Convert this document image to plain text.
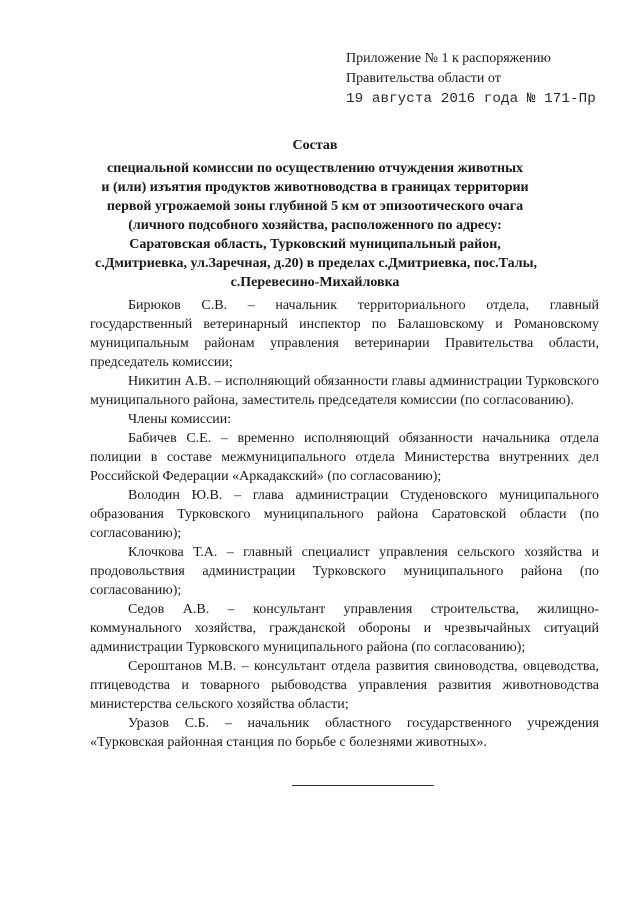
Приложение № 1 к распоряжению
Правительства области от
19 августа 2016 года № 171-Пр
Состав
специальной комиссии по осуществлению отчуждения животных
и (или) изъятия продуктов животноводства в границах территории
первой угрожаемой зоны глубиной 5 км от эпизоотического очага
(личного подсобного хозяйства, расположенного по адресу:
Саратовская область, Турковский муниципальный район,
с.Дмитриевка, ул.Заречная, д.20) в пределах с.Дмитриевка, пос.Талы,
с.Перевесино-Михайловка

Бирюков С.В. – начальник территориального отдела, главный государственный ветеринарный инспектор по Балашовскому и Романовскому муниципальным районам управления ветеринарии Правительства области, председатель комиссии;

Никитин А.В. – исполняющий обязанности главы администрации Турковского муниципального района, заместитель председателя комиссии (по согласованию).

Члены комиссии:

Бабичев С.Е. – временно исполняющий обязанности начальника отдела полиции в составе межмуниципального отдела Министерства внутренних дел Российской Федерации «Аркадакский» (по согласованию);

Володин Ю.В. – глава администрации Студеновского муниципального образования Турковского муниципального района Саратовской области (по согласованию);

Клочкова Т.А. – главный специалист управления сельского хозяйства и продовольствия администрации Турковского муниципального района (по согласованию);

Седов А.В. – консультант управления строительства, жилищно-коммунального хозяйства, гражданской обороны и чрезвычайных ситуаций администрации Турковского муниципального района (по согласованию);

Серoштанов М.В. – консультант отдела развития свиноводства, овцеводства, птицеводства и товарного рыбоводства управления развития животноводства министерства сельского хозяйства области;

Уразов С.Б. – начальник областного государственного учреждения «Турковская районная станция по борьбе с болезнями животных».
